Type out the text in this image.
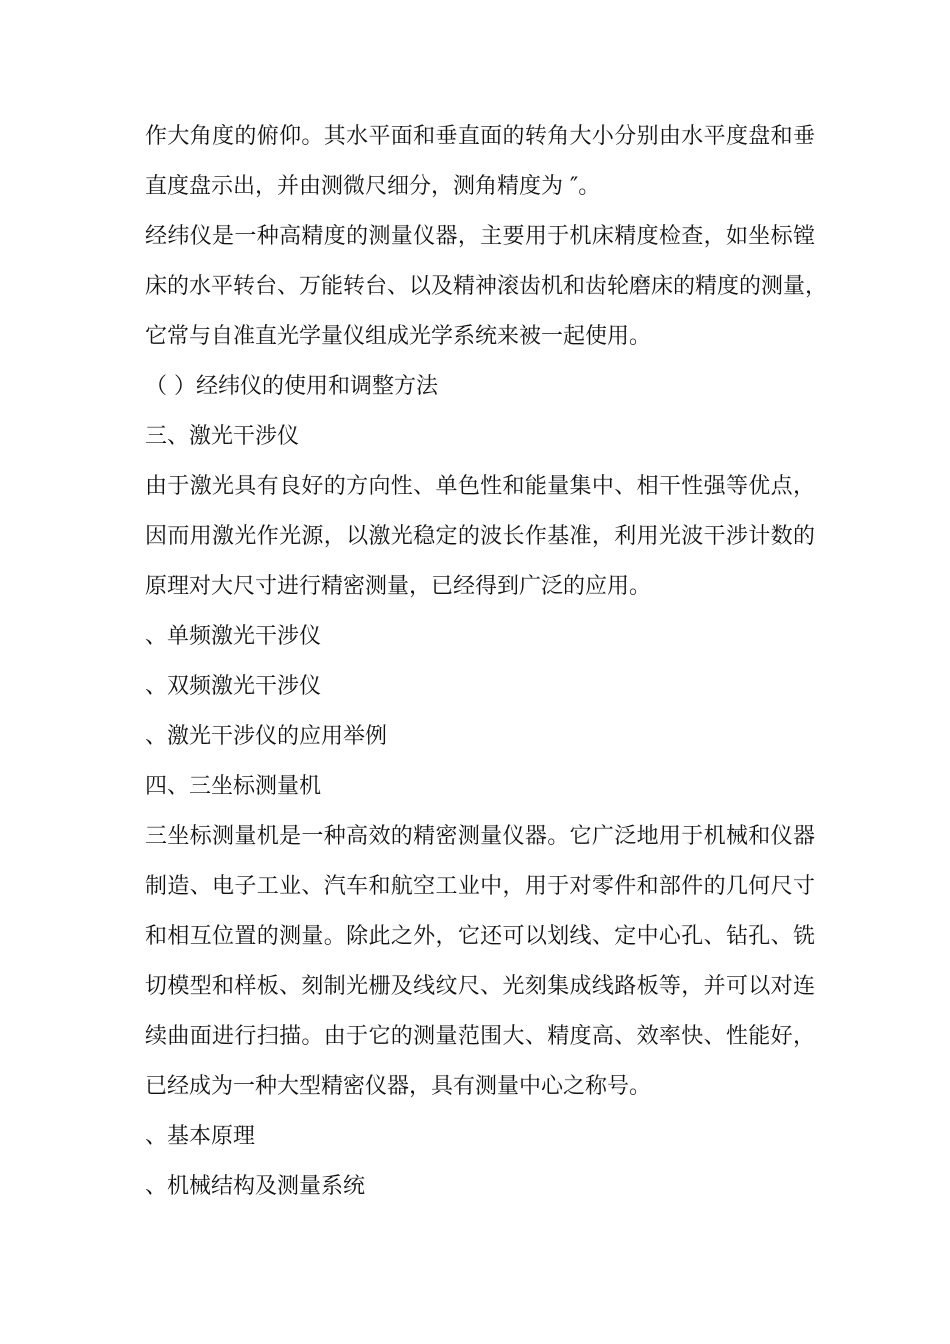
作大角度的俯仰。其水平面和垂直面的转角大小分别由水平度盘和垂
直度盘示出，并由测微尺细分，测角精度为 ″。
经纬仪是一种高精度的测量仪器，主要用于机床精度检查，如坐标镗
床的水平转台、万能转台、以及精神滚齿机和齿轮磨床的精度的测量，
它常与自准直光学量仪组成光学系统来被一起使用。
（ ）经纬仪的使用和调整方法
三、激光干涉仪
由于激光具有良好的方向性、单色性和能量集中、相干性强等优点，
因而用激光作光源，以激光稳定的波长作基准，利用光波干涉计数的
原理对大尺寸进行精密测量，已经得到广泛的应用。
、单频激光干涉仪
、双频激光干涉仪
、激光干涉仪的应用举例
四、三坐标测量机
三坐标测量机是一种高效的精密测量仪器。它广泛地用于机械和仪器
制造、电子工业、汽车和航空工业中，用于对零件和部件的几何尺寸
和相互位置的测量。除此之外，它还可以划线、定中心孔、钻孔、铣
切模型和样板、刻制光栅及线纹尺、光刻集成线路板等，并可以对连
续曲面进行扫描。由于它的测量范围大、精度高、效率快、性能好，
已经成为一种大型精密仪器，具有测量中心之称号。
、基本原理
、机械结构及测量系统
